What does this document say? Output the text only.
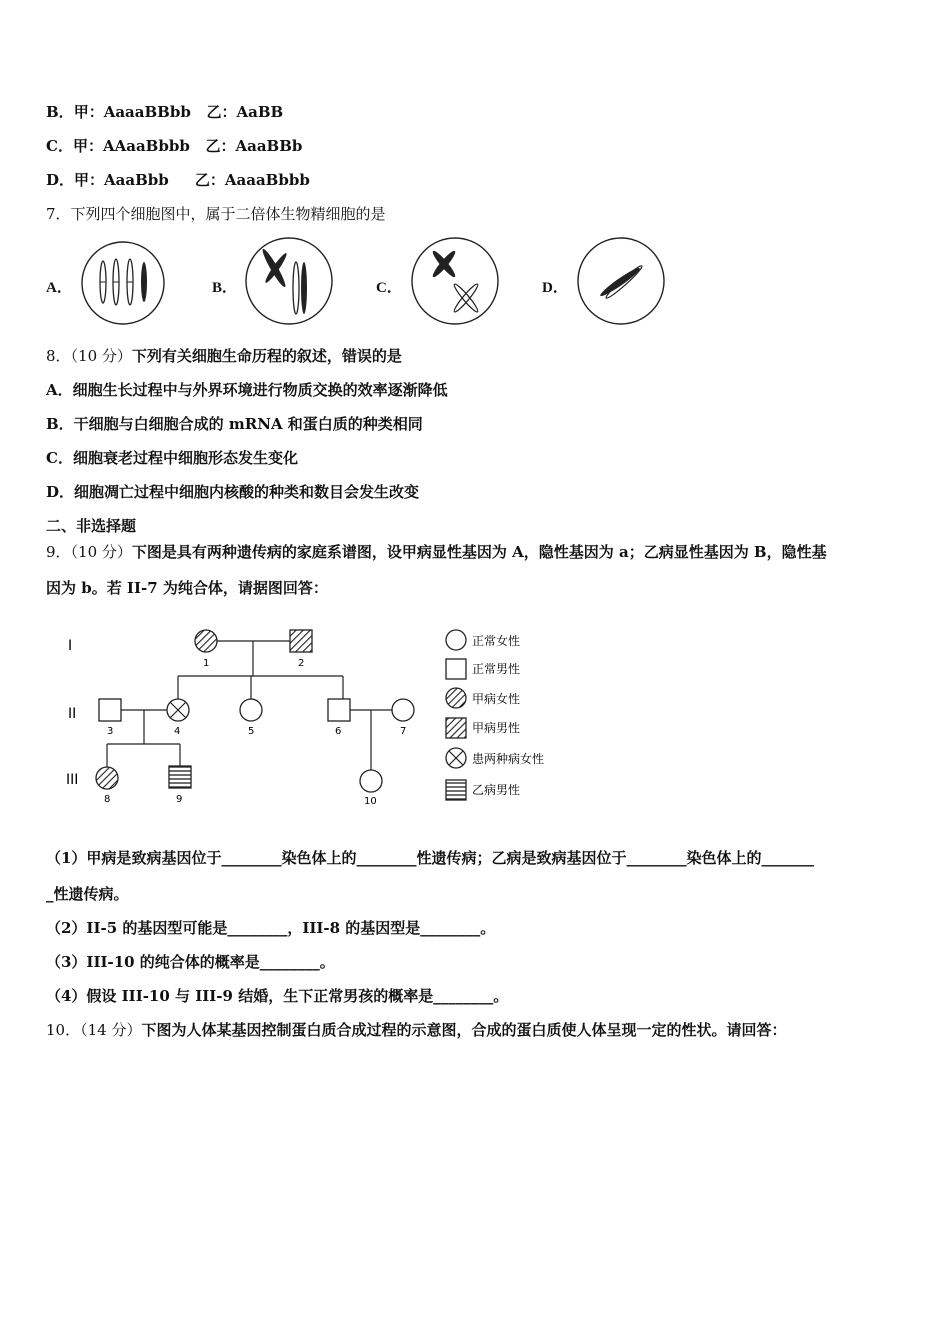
B．甲：AaaaBBbb 乙：AaBB
C．甲：AAaaBbbb 乙：AaaBBb
D．甲：AaaBbb 乙：AaaaBbbb
7．下列四个细胞图中，属于二倍体生物精细胞的是
A．	B．	C．	D．
8．（10 分）下列有关细胞生命历程的叙述，错误的是
A．细胞生长过程中与外界环境进行物质交换的效率逐渐降低
B．干细胞与白细胞合成的 mRNA 和蛋白质的种类相同
C．细胞衰老过程中细胞形态发生变化
D．细胞凋亡过程中细胞内核酸的种类和数目会发生改变
二、非选择题
9．（10 分）下图是具有两种遗传病的家庭系谱图，设甲病显性基因为 A，隐性基因为 a；乙病显性基因为 B，隐性基
因为 b。若 II-7 为纯合体，请据图回答：
I
II
III
1	2
3	4	5	6	7
8	9	10
正常女性
正常男性
甲病女性
甲病男性
患两种病女性
乙病男性
（1）甲病是致病基因位于________染色体上的________性遗传病；乙病是致病基因位于________染色体上的_______
_性遗传病。
（2）II-5 的基因型可能是________，III-8 的基因型是________。
（3）III-10 的纯合体的概率是________。
（4）假设 III-10 与 III-9 结婚，生下正常男孩的概率是________。
10．（14 分）下图为人体某基因控制蛋白质合成过程的示意图，合成的蛋白质使人体呈现一定的性状。请回答：
